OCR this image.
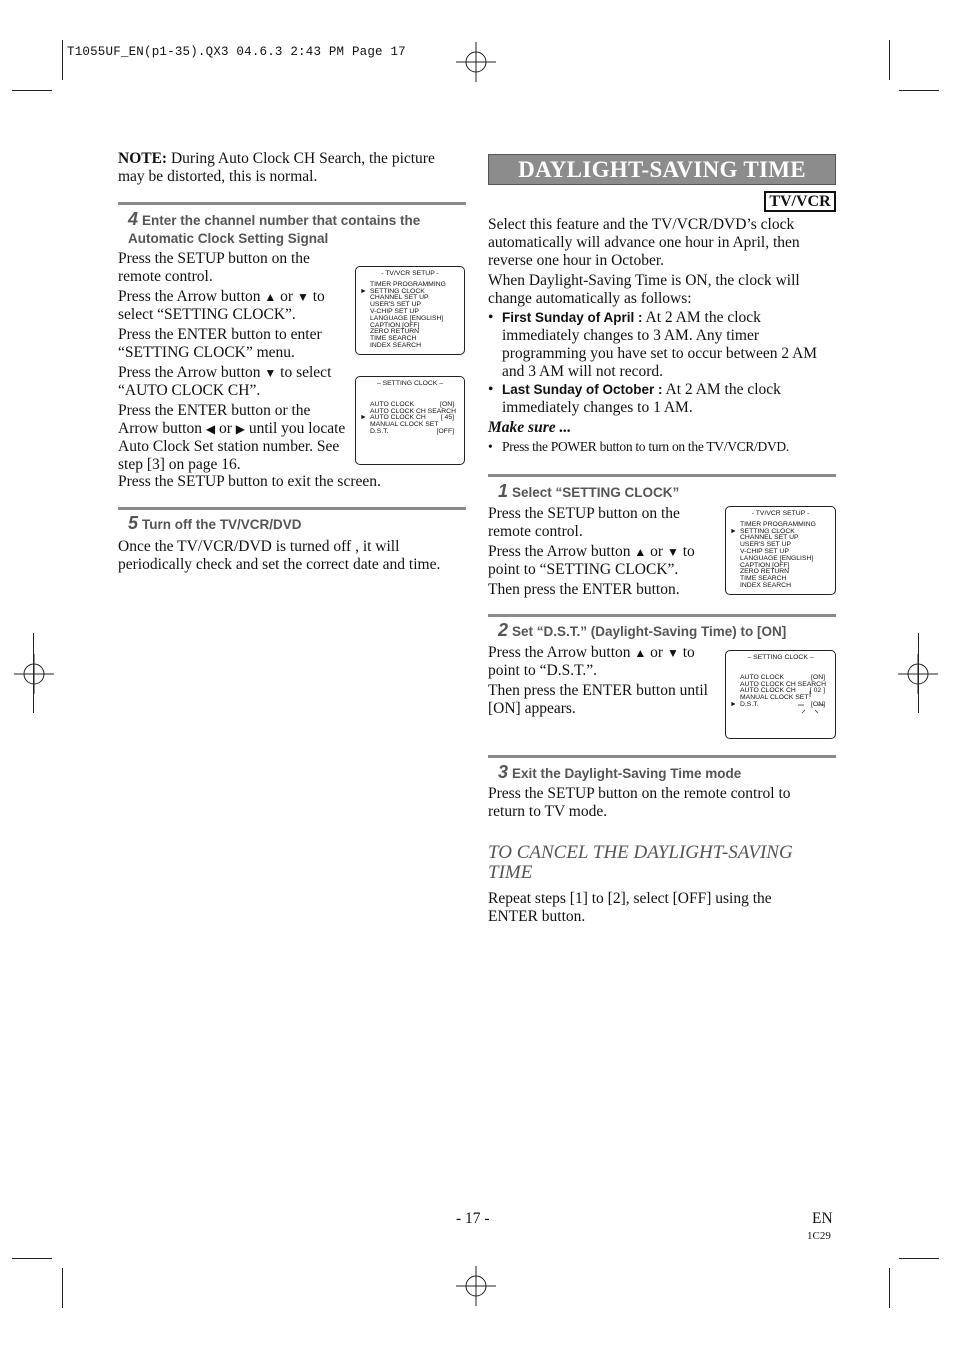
T1055UF_EN(p1-35).QX3 04.6.3 2:43 PM Page 17
NOTE: During Auto Clock CH Search, the picture may be distorted, this is normal.
4 Enter the channel number that contains the Automatic Clock Setting Signal
Press the SETUP button on the remote control.
Press the Arrow button ▲ or ▼ to select “SETTING CLOCK”.
Press the ENTER button to enter “SETTING CLOCK” menu.
Press the Arrow button ▼ to select “AUTO CLOCK CH”.
Press the ENTER button or the Arrow button ◀ or ▶ until you locate Auto Clock Set station number. See step [3] on page 16.
Press the SETUP button to exit the screen.
- TV/VCR SETUP -
TIMER PROGRAMMING
► SETTING CLOCK
CHANNEL SET UP
USER'S SET UP
V-CHIP SET UP
LANGUAGE [ENGLISH]
CAPTION [OFF]
ZERO RETURN
TIME SEARCH
INDEX SEARCH
– SETTING CLOCK –
AUTO CLOCK	[ON]
AUTO CLOCK CH SEARCH
► AUTO CLOCK CH [ 45]
MANUAL CLOCK SET
D.S.T.	[OFF]
5 Turn off the TV/VCR/DVD
Once the TV/VCR/DVD is turned off , it will periodically check and set the correct date and time.
DAYLIGHT-SAVING TIME
TV/VCR
Select this feature and the TV/VCR/DVD’s clock automatically will advance one hour in April, then reverse one hour in October.
When Daylight-Saving Time is ON, the clock will change automatically as follows:
• First Sunday of April : At 2 AM the clock immediately changes to 3 AM. Any timer programming you have set to occur between 2 AM and 3 AM will not record.
• Last Sunday of October : At 2 AM the clock immediately changes to 1 AM.
Make sure ...
• Press the POWER button to turn on the TV/VCR/DVD.
1 Select “SETTING CLOCK”
Press the SETUP button on the remote control.
Press the Arrow button ▲ or ▼ to point to “SETTING CLOCK”.
Then press the ENTER button.
- TV/VCR SETUP -
TIMER PROGRAMMING
► SETTING CLOCK
CHANNEL SET UP
USER'S SET UP
V-CHIP SET UP
LANGUAGE [ENGLISH]
CAPTION [OFF]
ZERO RETURN
TIME SEARCH
INDEX SEARCH
2 Set “D.S.T.” (Daylight-Saving Time) to [ON]
Press the Arrow button ▲ or ▼ to point to “D.S.T.”.
Then press the ENTER button until [ON] appears.
– SETTING CLOCK –
AUTO CLOCK	[ON]
AUTO CLOCK CH SEARCH
AUTO CLOCK CH [ 02 ]
MANUAL CLOCK SET
► D.S.T.	[ON]
3 Exit the Daylight-Saving Time mode
Press the SETUP button on the remote control to return to TV mode.
TO CANCEL THE DAYLIGHT-SAVING TIME
Repeat steps [1] to [2], select [OFF] using the ENTER button.
- 17 -	EN
1C29
